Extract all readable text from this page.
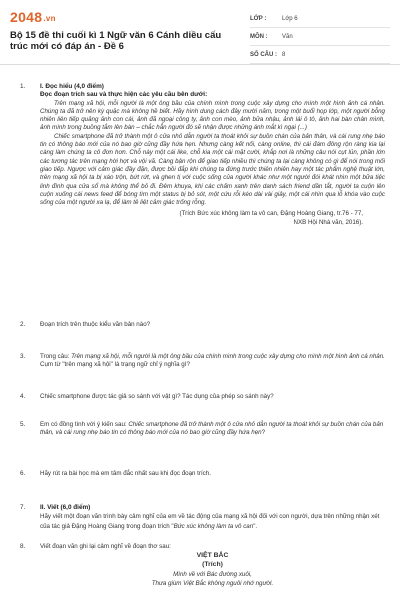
2048.vn
Bộ 15 đề thi cuối kì 1 Ngữ văn 6 Cánh diều cấu trúc mới có đáp án - Đề 6
LỚP :	Lớp 6
MÔN :	Văn
SỐ CÂU : 8
1. I. Đọc hiểu (4,0 điểm)
Đọc đoạn trích sau và thực hiện các yêu cầu bên dưới:
Trên mạng xã hội, mỗi người là một ông bầu của chính mình trong cuộc xây dựng cho mình một hình ảnh cá nhân. Chúng ta đã trở nên kỳ quặc mà không hề biết. Hãy hình dung cách đây mười năm, trong một buổi họp lớp, một người bỗng nhiên liên tiếp quăng ảnh con cái, ảnh đã ngoại công ty, ảnh con mèo, ảnh bữa nhậu, ảnh lái ô tô, ảnh hai bàn chân mình, ảnh mình trong buồng tắm lên bàn – chắc hẳn người đó sẽ nhận được những ánh mắt kì ngại (...)
Chiếc smartphone đã trở thành một ô cửa nhỏ dẫn người ta thoát khỏi sự buồn chán của bản thân, và cái rung nhẹ báo tin có thông báo mới của nó bao giờ cũng đầy hứa hẹn. Nhưng càng kết nối, càng online, thì cái đám đông rộn ràng kia lại càng làm chúng ta cô đơn hơn. Chỗ này một cái like, chỗ kia một cái mặt cười, khắp nơi là những câu nói cụt lủn, phần lớn các tương tác trên mạng hời hợt và vội vã. Càng bận rộn để giao tiếp nhiều thì chúng ta lại càng không có gì để nói trong mối giao tiếp. Ngược với cảm giác đầy đặn, được bồi đắp khi chúng ta đứng trước thiên nhiên hay một tác phẩm nghệ thuật lớn, trên mạng xã hội ta bị xáo trộn, bứt rứt, và ghen tị với cuộc sống của người khác như một người đói khát nhìn một bữa tiệc linh đình qua cửa sổ mà không thể bỏ đi. Đêm khuya, khi các chấm xanh trên danh sách friend dần tắt, người ta cuộn lên cuộn xuống cái news feed để bóng tìm một status bị bỏ sót, một cứu rỗi kéo dài vài giây, một cái nhìn qua lỗ khóa vào cuộc sống của một người xa lạ, để làm tê liệt cảm giác trống rỗng.
(Trích Bức xúc không làm ta vô can, Đặng Hoàng Giang, tr.76 - 77,
NXB Hội Nhà văn, 2016).
2. Đoạn trích trên thuộc kiểu văn bản nào?
3. Trong câu: Trên mạng xã hội, mỗi người là một ông bầu của chính mình trong cuộc xây dựng cho mình một hình ảnh cá nhân. Cụm từ "trên mạng xã hội" là trạng ngữ chỉ ý nghĩa gì?
4. Chiếc smartphone được tác giả so sánh với vật gì? Tác dụng của phép so sánh này?
5. Em có đồng tình với ý kiến sau: Chiếc smartphone đã trở thành một ô cửa nhỏ dẫn người ta thoát khỏi sự buồn chán của bản thân, và cái rung nhẹ báo tin có thông báo mới của nó bao giờ cũng đầy hứa hẹn?
6. Hãy rút ra bài học mà em tâm đắc nhất sau khi đọc đoạn trích.
7. II. Viết (6,0 điểm)
Hãy viết một đoạn văn trình bày cảm nghĩ của em về tác động của mạng xã hội đối với con người, dựa trên những nhận xét của tác giả Đặng Hoàng Giang trong đoạn trích "Bức xúc không làm ta vô can".
8. Viết đoạn văn ghi lại cảm nghĩ về đoạn thơ sau:
VIỆT BẮC
(Trích)
Mình về với Bác đường xuôi,
Thưa giùm Việt Bắc không nguôi nhớ người.
